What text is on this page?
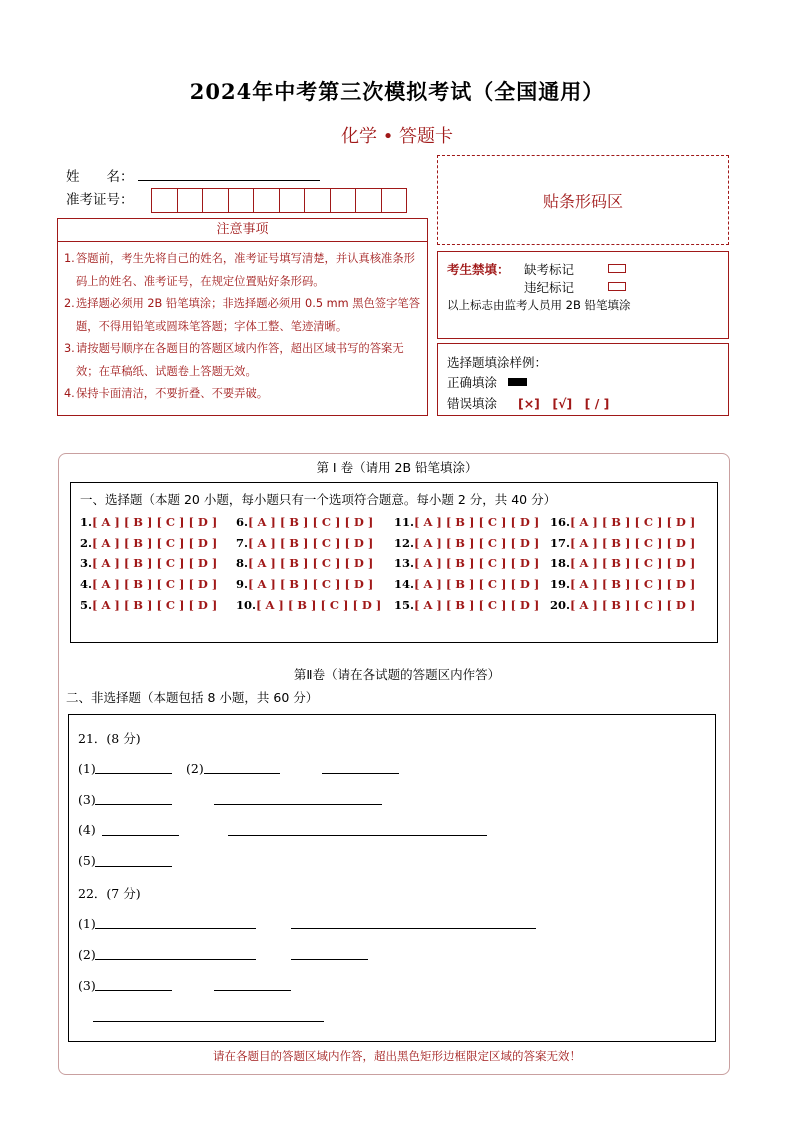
2024年中考第三次模拟考试（全国通用）
化学 • 答题卡
姓　　名：
准考证号：	贴条形码区
注意事项
1. 答题前，考生先将自己的姓名，准考证号填写清楚，并认真核准条形码上的姓名、准考证号，在规定位置贴好条形码。
2. 选择题必须用 2B 铅笔填涂；非选择题必须用 0.5 mm 黑色签字笔答题，不得用铅笔或圆珠笔答题；字体工整、笔迹清晰。
3. 请按题号顺序在各题目的答题区域内作答，超出区域书写的答案无效；在草稿纸、试题卷上答题无效。
4. 保持卡面清洁，不要折叠、不要弄破。
考生禁填： 缺考标记
违纪标记
以上标志由监考人员用 2B 铅笔填涂
选择题填涂样例：
正确填涂
错误填涂 [×]　[√]　[ / ]
第 I 卷（请用 2B 铅笔填涂）
一、选择题（本题 20 小题，每小题只有一个选项符合题意。每小题 2 分，共 40 分）
1.[ A ] [ B ] [ C ] [ D ]
2.[ A ] [ B ] [ C ] [ D ]
3.[ A ] [ B ] [ C ] [ D ]
4.[ A ] [ B ] [ C ] [ D ]
5.[ A ] [ B ] [ C ] [ D ]
6.[ A ] [ B ] [ C ] [ D ]
7.[ A ] [ B ] [ C ] [ D ]
8.[ A ] [ B ] [ C ] [ D ]
9.[ A ] [ B ] [ C ] [ D ]
10.[ A ] [ B ] [ C ] [ D ]
11.[ A ] [ B ] [ C ] [ D ]
12.[ A ] [ B ] [ C ] [ D ]
13.[ A ] [ B ] [ C ] [ D ]
14.[ A ] [ B ] [ C ] [ D ]
15.[ A ] [ B ] [ C ] [ D ]
16.[ A ] [ B ] [ C ] [ D ]
17.[ A ] [ B ] [ C ] [ D ]
18.[ A ] [ B ] [ C ] [ D ]
19.[ A ] [ B ] [ C ] [ D ]
20.[ A ] [ B ] [ C ] [ D ]
第Ⅱ卷（请在各试题的答题区内作答）
二、非选择题（本题包括 8 小题，共 60 分）
21．(8 分)
(1)	(2)
(3)
(4)
(5)
22．(7 分)
(1)
(2)
(3)
请在各题目的答题区域内作答，超出黑色矩形边框限定区域的答案无效！
